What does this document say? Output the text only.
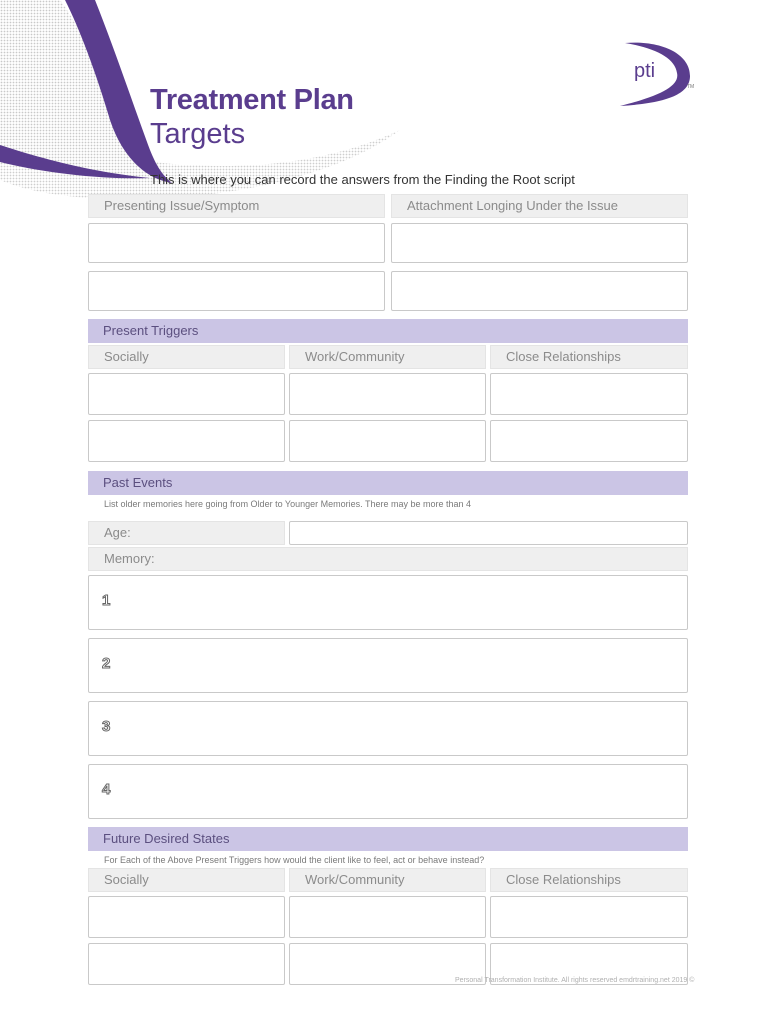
pti
TM
Treatment Plan
Targets
This is where you can record the answers from the Finding the Root script
Presenting Issue/Symptom	Attachment Longing Under the Issue
Present Triggers
Socially	Work/Community	Close Relationships
Past Events
List older memories here going from Older to Younger Memories. There may be more than 4
Age:
Memory:
1
2
3
4
Future Desired States
For Each of the Above Present Triggers how would the client like to feel, act or behave instead?
Socially	Work/Community	Close Relationships
Personal Transformation Institute. All rights reserved emdrtraining.net 2019 ©
